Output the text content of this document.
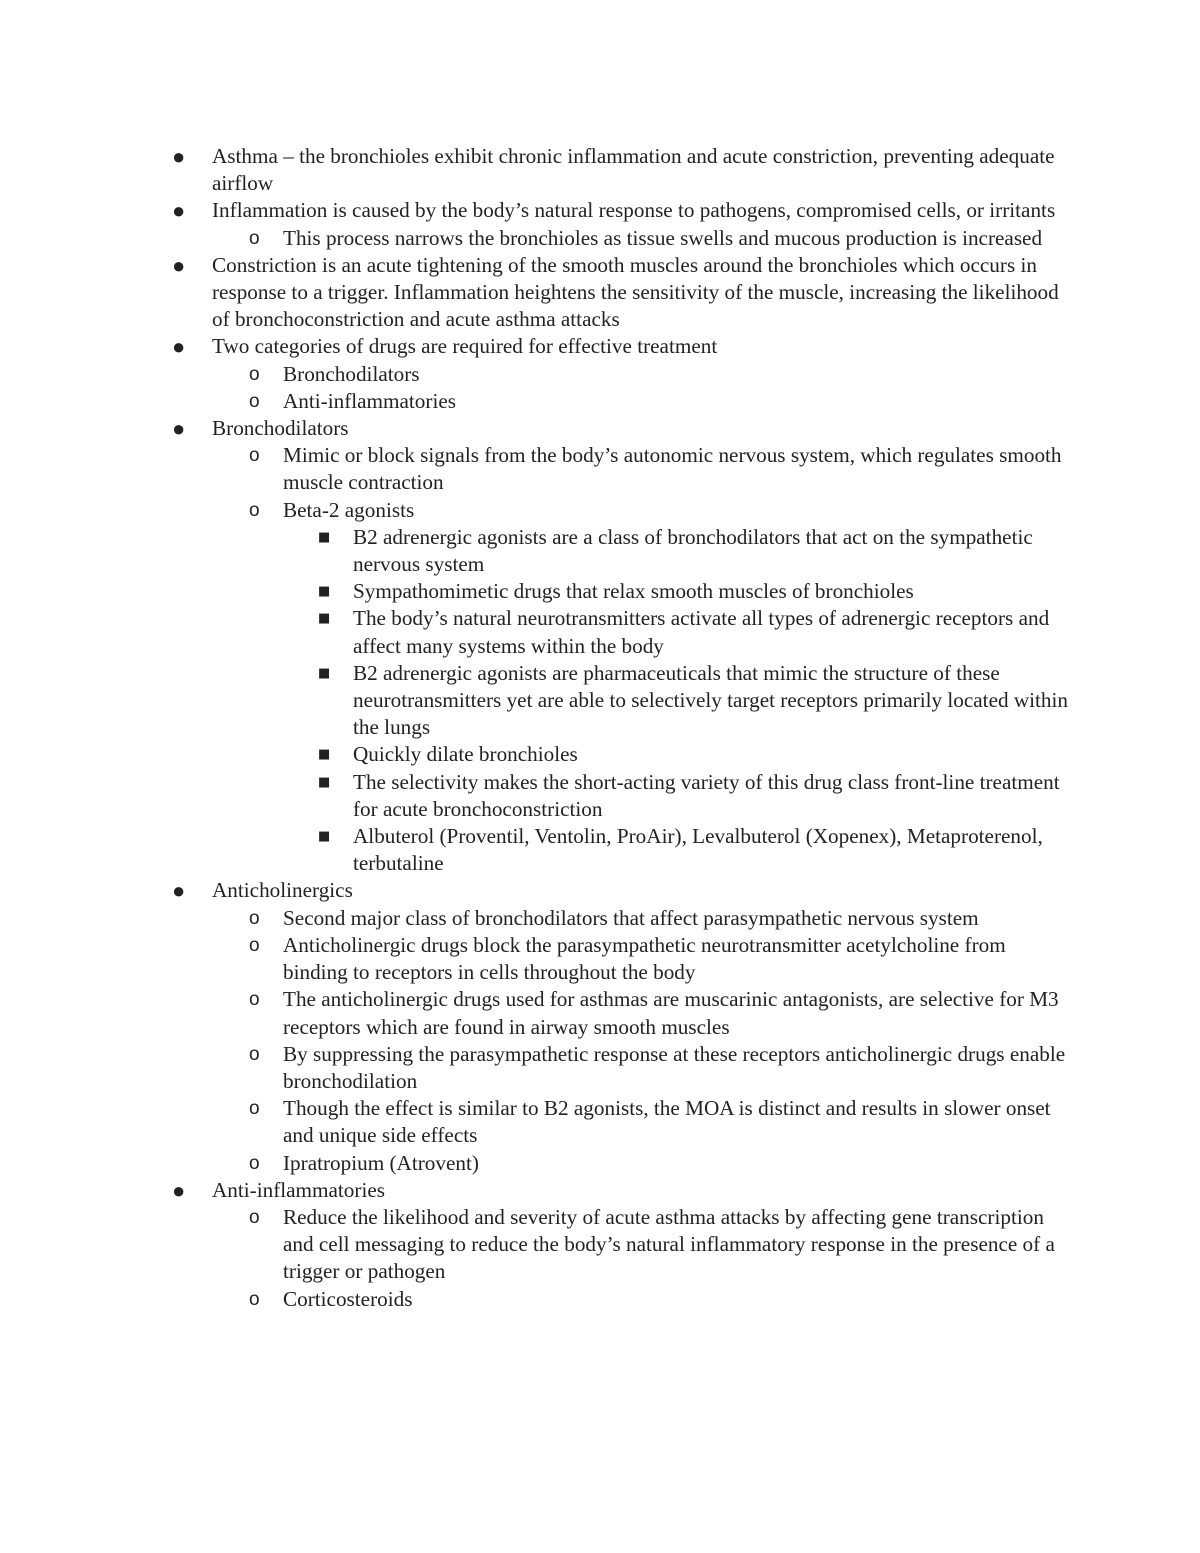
● Asthma – the bronchioles exhibit chronic inflammation and acute constriction, preventing adequate airflow
● Inflammation is caused by the body’s natural response to pathogens, compromised cells, or irritants
o This process narrows the bronchioles as tissue swells and mucous production is increased
● Constriction is an acute tightening of the smooth muscles around the bronchioles which occurs in response to a trigger. Inflammation heightens the sensitivity of the muscle, increasing the likelihood of bronchoconstriction and acute asthma attacks
● Two categories of drugs are required for effective treatment
o Bronchodilators
o Anti-inflammatories
● Bronchodilators
o Mimic or block signals from the body’s autonomic nervous system, which regulates smooth muscle contraction
o Beta-2 agonists
■ B2 adrenergic agonists are a class of bronchodilators that act on the sympathetic nervous system
■ Sympathomimetic drugs that relax smooth muscles of bronchioles
■ The body’s natural neurotransmitters activate all types of adrenergic receptors and affect many systems within the body
■ B2 adrenergic agonists are pharmaceuticals that mimic the structure of these neurotransmitters yet are able to selectively target receptors primarily located within the lungs
■ Quickly dilate bronchioles
■ The selectivity makes the short-acting variety of this drug class front-line treatment for acute bronchoconstriction
■ Albuterol (Proventil, Ventolin, ProAir), Levalbuterol (Xopenex), Metaproterenol, terbutaline
● Anticholinergics
o Second major class of bronchodilators that affect parasympathetic nervous system
o Anticholinergic drugs block the parasympathetic neurotransmitter acetylcholine from binding to receptors in cells throughout the body
o The anticholinergic drugs used for asthmas are muscarinic antagonists, are selective for M3 receptors which are found in airway smooth muscles
o By suppressing the parasympathetic response at these receptors anticholinergic drugs enable bronchodilation
o Though the effect is similar to B2 agonists, the MOA is distinct and results in slower onset and unique side effects
o Ipratropium (Atrovent)
● Anti-inflammatories
o Reduce the likelihood and severity of acute asthma attacks by affecting gene transcription and cell messaging to reduce the body’s natural inflammatory response in the presence of a trigger or pathogen
o Corticosteroids
